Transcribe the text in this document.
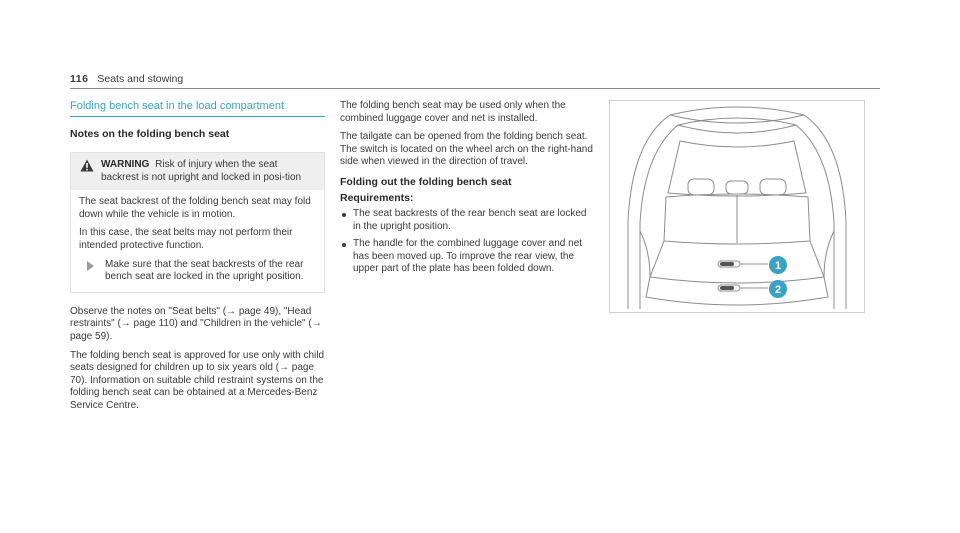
116 Seats and stowing
Folding bench seat in the load compartment
Notes on the folding bench seat
WARNING Risk of injury when the seat backrest is not upright and locked in posi-tion

The seat backrest of the folding bench seat may fold down while the vehicle is in motion.

In this case, the seat belts may not perform their intended protective function.

Make sure that the seat backrests of the rear bench seat are locked in the upright position.

Observe the notes on "Seat belts" (→ page 49), "Head restraints" (→ page 110) and "Children in the vehicle" (→ page 59).

The folding bench seat is approved for use only with child seats designed for children up to six years old (→ page 70). Information on suitable child restraint systems on the folding bench seat can be obtained at a Mercedes-Benz Service Centre.

The folding bench seat may be used only when the combined luggage cover and net is installed.

The tailgate can be opened from the folding bench seat. The switch is located on the wheel arch on the right-hand side when viewed in the direction of travel.

Folding out the folding bench seat
Requirements:
The seat backrests of the rear bench seat are locked in the upright position.
The handle for the combined luggage cover and net has been moved up. To improve the rear view, the upper part of the plate has been folded down.	1
2
